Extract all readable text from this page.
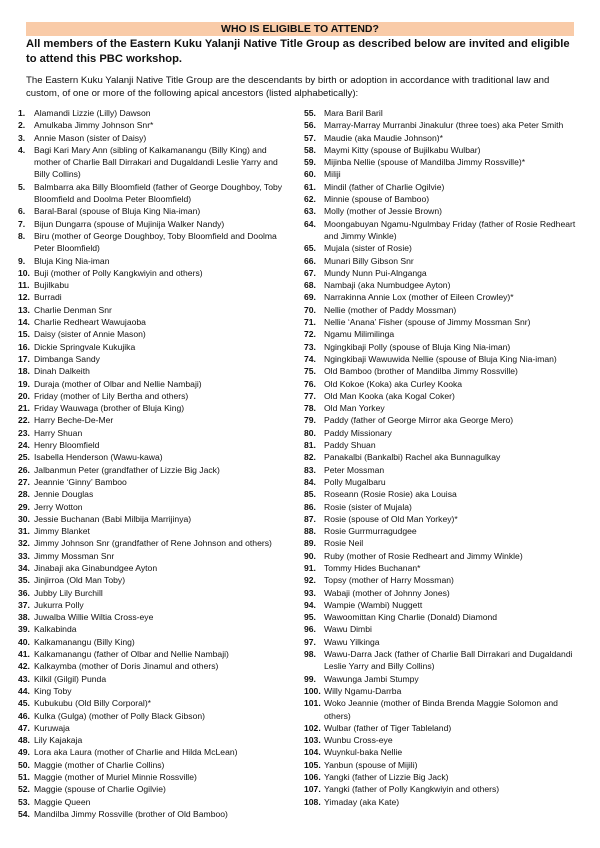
WHO IS ELIGIBLE TO ATTEND?
All members of the Eastern Kuku Yalanji Native Title Group as described below are invited and eligible to attend this PBC workshop.
The Eastern Kuku Yalanji Native Title Group are the descendants by birth or adoption in accordance with traditional law and custom, of one or more of the following apical ancestors (listed alphabetically):
1. Alamandi Lizzie (Lilly) Dawson
2. Amulkaba Jimmy Johnson Snr*
3. Annie Mason (sister of Daisy)
4. Bagi Kari Mary Ann (sibling of Kalkamanangu (Billy King) and mother of Charlie Ball Dirrakari and Dugaldandi Leslie Yarry and Billy Collins)
5. Balmbarra aka Billy Bloomfield (father of George Doughboy, Toby Bloomfield and Doolma Peter Bloomfield)
6. Baral-Baral (spouse of Bluja King Nia-iman)
7. Bijun Dungarra (spouse of Mujinija Walker Nandy)
8. Biru (mother of George Doughboy, Toby Bloomfield and Doolma Peter Bloomfield)
9. Bluja King Nia-iman
10. Buji (mother of Polly Kangkwiyin and others)
11. Bujilkabu
12. Burradi
13. Charlie Denman Snr
14. Charlie Redheart Wawujaoba
15. Daisy (sister of Annie Mason)
16. Dickie Springvale Kukujika
17. Dimbanga Sandy
18. Dinah Dalkeith
19. Duraja (mother of Olbar and Nellie Nambaji)
20. Friday (mother of Lily Bertha and others)
21. Friday Wauwaga (brother of Bluja King)
22. Harry Beche-De-Mer
23. Harry Shuan
24. Henry Bloomfield
25. Isabella Henderson (Wawu-kawa)
26. Jalbanmun Peter (grandfather of Lizzie Big Jack)
27. Jeannie ‘Ginny’ Bamboo
28. Jennie Douglas
29. Jerry Wotton
30. Jessie Buchanan (Babi Milbija Marrijinya)
31. Jimmy Blanket
32. Jimmy Johnson Snr (grandfather of Rene Johnson and others)
33. Jimmy Mossman Snr
34. Jinabaji aka Ginabundgee Ayton
35. Jinjirroa (Old Man Toby)
36. Jubby Lily Burchill
37. Jukurra Polly
38. Juwalba Willie Wiltia Cross-eye
39. Kalkabinda
40. Kalkamanangu (Billy King)
41. Kalkamanangu (father of Olbar and Nellie Nambaji)
42. Kalkaymba (mother of Doris Jinamul and others)
43. Kilkil (Gilgil) Punda
44. King Toby
45. Kubukubu (Old Billy Corporal)*
46. Kulka (Gulga) (mother of Polly Black Gibson)
47. Kuruwaja
48. Lily Kajakaja
49. Lora aka Laura (mother of Charlie and Hilda McLean)
50. Maggie (mother of Charlie Collins)
51. Maggie (mother of Muriel Minnie Rossville)
52. Maggie (spouse of Charlie Ogilvie)
53. Maggie Queen
54. Mandilba Jimmy Rossville (brother of Old Bamboo)
55. Mara Baril Baril
56. Marray-Marray Murranbi Jinakulur (three toes) aka Peter Smith
57. Maudie (aka Maudie Johnson)*
58. Maymi Kitty (spouse of Bujilkabu Wulbar)
59. Mijinba Nellie (spouse of Mandilba Jimmy Rossville)*
60. Miliji
61. Mindil (father of Charlie Ogilvie)
62. Minnie (spouse of Bamboo)
63. Molly (mother of Jessie Brown)
64. Moongabuyan Ngamu-Ngulmbay Friday (father of Rosie Redheart and Jimmy Winkle)
65. Mujala (sister of Rosie)
66. Munari Billy Gibson Snr
67. Mundy Nunn Pui-Alnganga
68. Nambaji (aka Numbudgee Ayton)
69. Narrakinna Annie Lox (mother of Eileen Crowley)*
70. Nellie (mother of Paddy Mossman)
71. Nellie ‘Anana’ Fisher (spouse of Jimmy Mossman Snr)
72. Ngamu Milimilinga
73. Ngingkibaji Polly (spouse of Bluja King Nia-iman)
74. Ngingkibaji Wawuwida Nellie (spouse of Bluja King Nia-iman)
75. Old Bamboo (brother of Mandilba Jimmy Rossville)
76. Old Kokoe (Koka) aka Curley Kooka
77. Old Man Kooka (aka Kogal Coker)
78. Old Man Yorkey
79. Paddy (father of George Mirror aka George Mero)
80. Paddy Missionary
81. Paddy Shuan
82. Panakalbi (Bankalbi) Rachel aka Bunnagulkay
83. Peter Mossman
84. Polly Mugalbaru
85. Roseann (Rosie Rosie) aka Louisa
86. Rosie (sister of Mujala)
87. Rosie (spouse of Old Man Yorkey)*
88. Rosie Gurrmurragudgee
89. Rosie Neil
90. Ruby (mother of Rosie Redheart and Jimmy Winkle)
91. Tommy Hides Buchanan*
92. Topsy (mother of Harry Mossman)
93. Wabaji (mother of Johnny Jones)
94. Wampie (Wambi) Nuggett
95. Wawoomittan King Charlie (Donald) Diamond
96. Wawu Dimbi
97. Wawu Yilkinga
98. Wawu-Darra Jack (father of Charlie Ball Dirrakari and Dugaldandi Leslie Yarry and Billy Collins)
99. Wawunga Jambi Stumpy
100. Willy Ngamu-Darrba
101. Woko Jeannie (mother of Binda Brenda Maggie Solomon and others)
102. Wulbar (father of Tiger Tableland)
103. Wunbu Cross-eye
104. Wuynkul-baka Nellie
105. Yanbun (spouse of Mijili)
106. Yangki (father of Lizzie Big Jack)
107. Yangki (father of Polly Kangkwiyin and others)
108. Yimaday (aka Kate)
